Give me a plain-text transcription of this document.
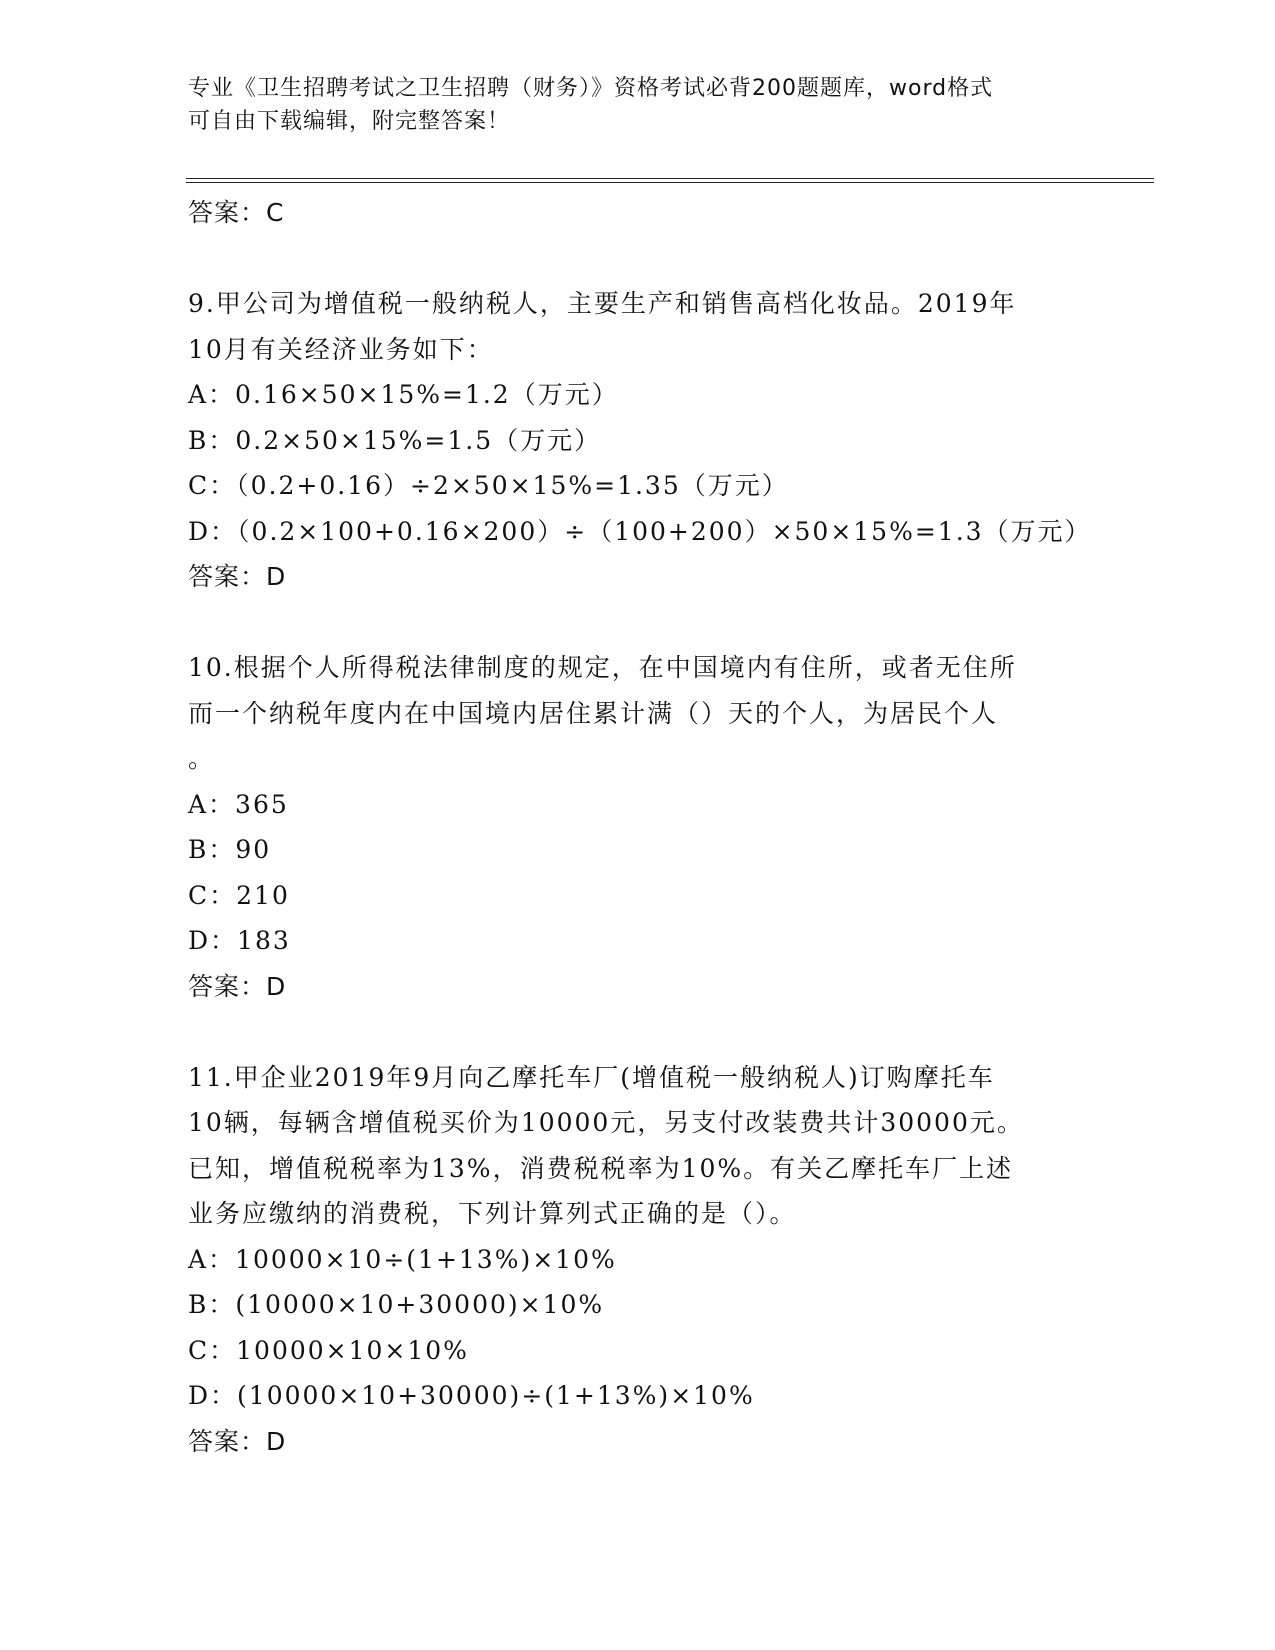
专业《卫生招聘考试之卫生招聘（财务）》资格考试必背200题题库，word格式
可自由下载编辑，附完整答案！
答案：C
9.甲公司为增值税一般纳税人，主要生产和销售高档化妆品。2019年
10月有关经济业务如下：
A：0.16×50×15%=1.2（万元）
B：0.2×50×15%=1.5（万元）
C：（0.2+0.16）÷2×50×15%=1.35（万元）
D：（0.2×100+0.16×200）÷（100+200）×50×15%=1.3（万元）
答案：D
10.根据个人所得税法律制度的规定，在中国境内有住所，或者无住所
而一个纳税年度内在中国境内居住累计满（）天的个人，为居民个人
。
A：365
B：90
C：210
D：183
答案：D
11.甲企业2019年9月向乙摩托车厂(增值税一般纳税人)订购摩托车
10辆，每辆含增值税买价为10000元，另支付改装费共计30000元。
已知，增值税税率为13%，消费税税率为10%。有关乙摩托车厂上述
业务应缴纳的消费税，下列计算列式正确的是（）。
A：10000×10÷(1+13%)×10%
B：(10000×10+30000)×10%
C：10000×10×10%
D：(10000×10+30000)÷(1+13%)×10%
答案：D
